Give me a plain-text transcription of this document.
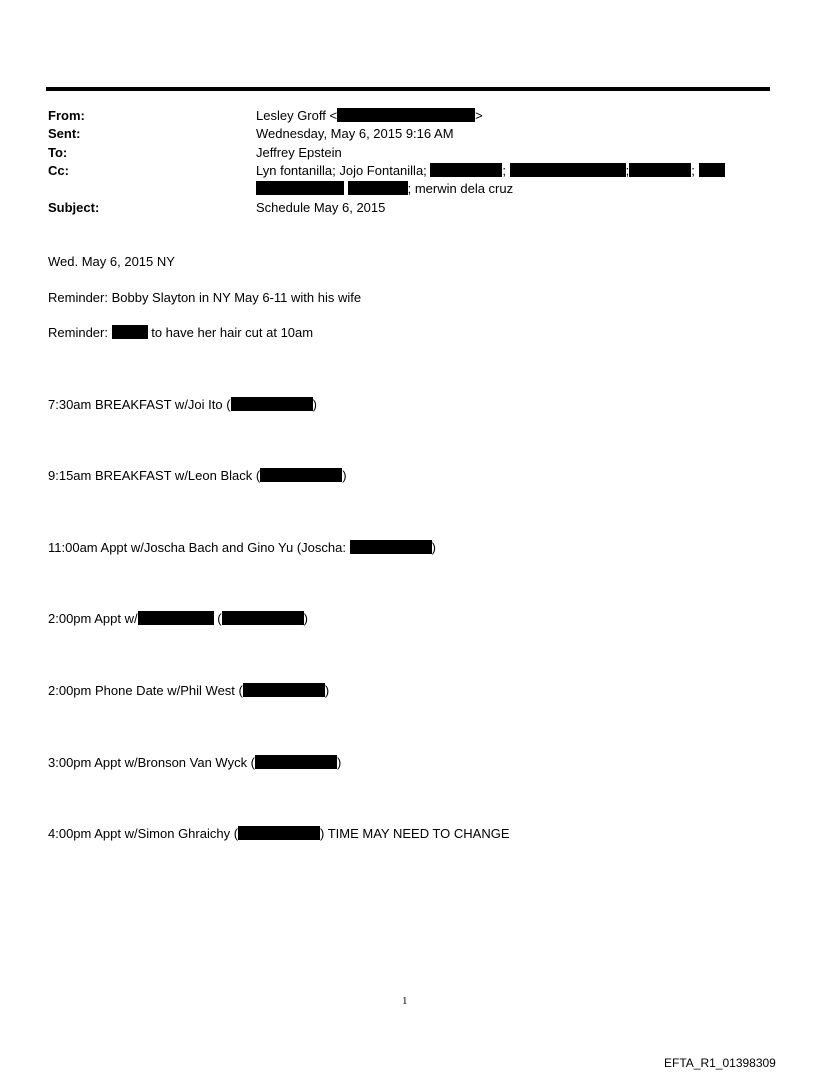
From:	Lesley Groff <	>
Sent:	Wednesday, May 6, 2015 9:16 AM
To:	Jeffrey Epstein
Cc:	Lyn fontanilla; Jojo Fontanilla;	;	;	;
; merwin dela cruz
Subject:	Schedule May 6, 2015
Wed. May 6, 2015 NY
Reminder: Bobby Slayton in NY May 6-11 with his wife
Reminder:	to have her hair cut at 10am
7:30am BREAKFAST w/Joi Ito (	)
9:15am BREAKFAST w/Leon Black (	)
11:00am Appt w/Joscha Bach and Gino Yu (Joscha:	)
2:00pm Appt w/	(	)
2:00pm Phone Date w/Phil West (	)
3:00pm Appt w/Bronson Van Wyck (	)
4:00pm Appt w/Simon Ghraichy (	) TIME MAY NEED TO CHANGE
1
EFTA_R1_01398309
